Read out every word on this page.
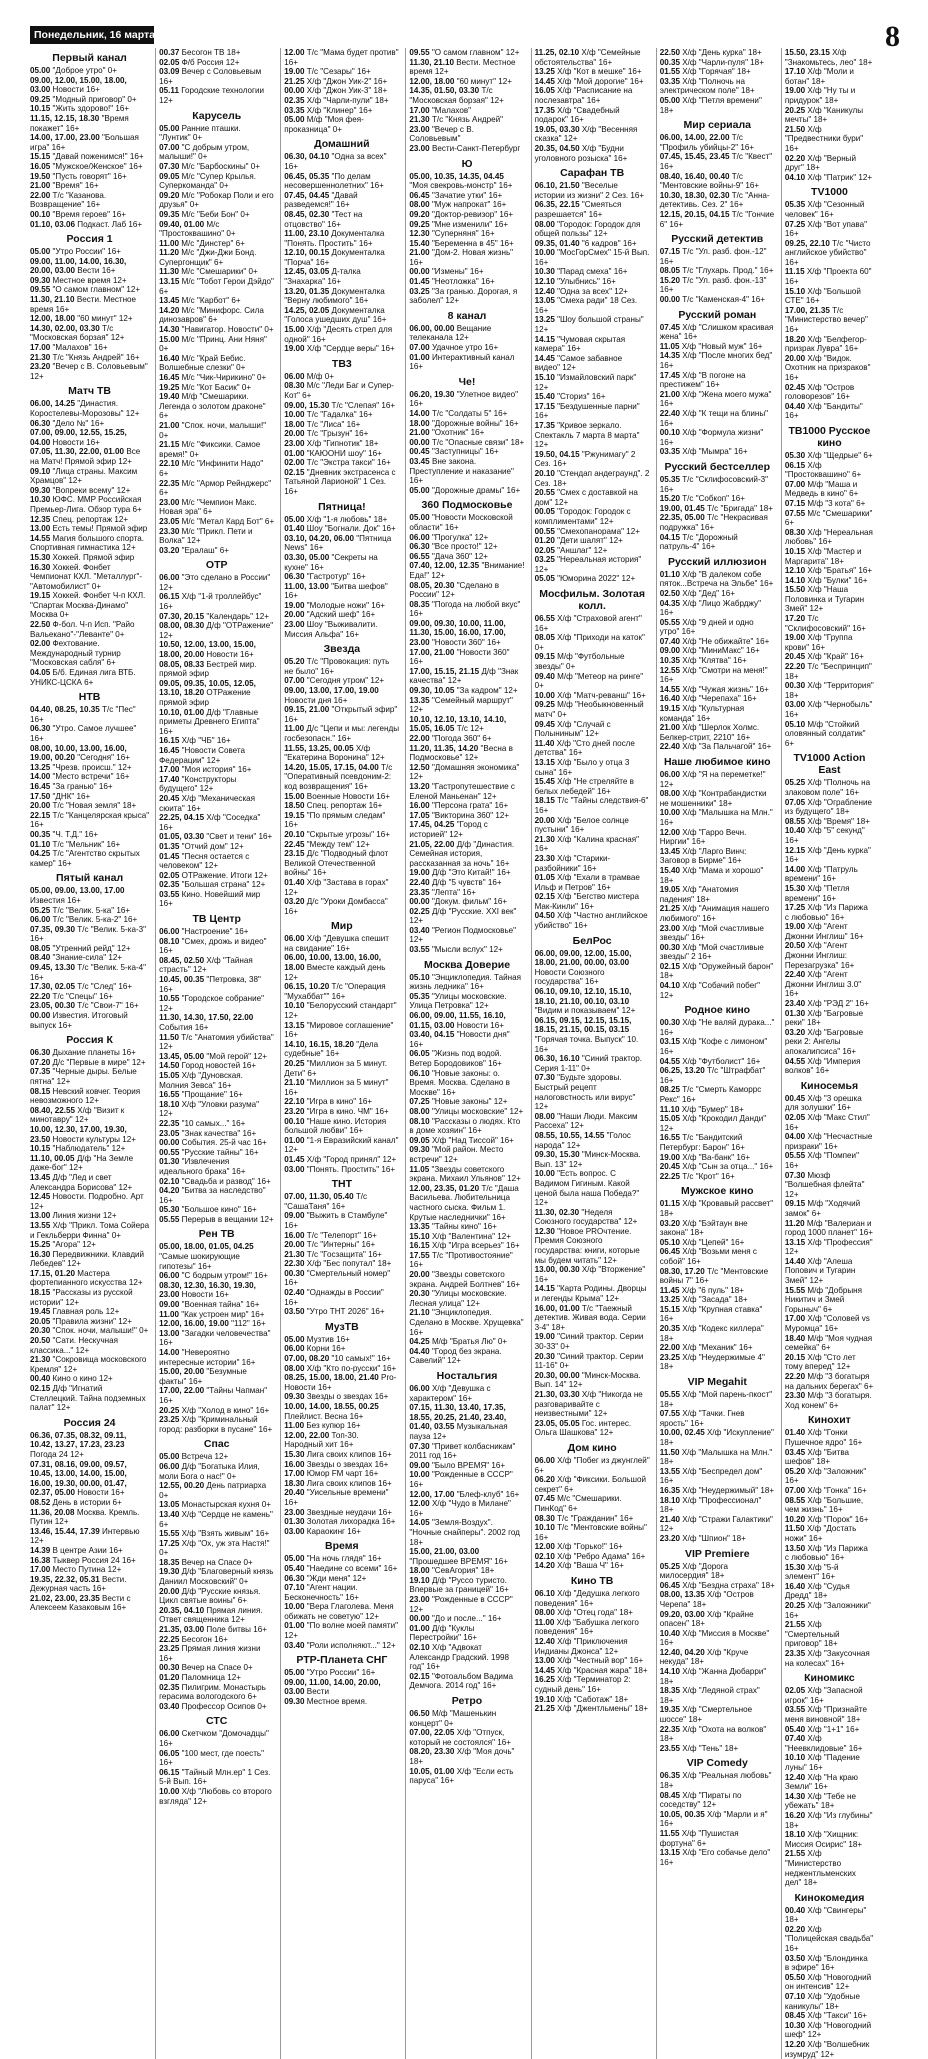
Понедельник, 16 марта	8
Первый канал
05.00 "Доброе утро" 0+
09.00, 12.00, 15.00, 18.00, 03.00 Новости 16+
09.25 "Модный приговор" 0+
10.15 "Жить здорово!" 16+
11.15, 12.15, 18.30 "Время покажет" 16+
14.00, 17.00, 23.00 "Большая игра" 16+
15.15 "Давай поженимся!" 16+
16.05 "Мужское/Женское" 16+
19.50 "Пусть говорят" 16+
21.00 "Время" 16+
22.00 Т/с "Казанова. Возвращение" 16+
00.10 "Время героев" 16+
01.10, 03.06 Подкаст. Лаб 16+
Россия 1
05.00 "Утро России" 16+
09.00, 11.00, 14.00, 16.30, 20.00, 03.00 Вести 16+
09.30 Местное время 12+
09.55 "О самом главном" 12+
11.30, 21.10 Вести. Местное время 16+
12.00, 18.00 "60 минут" 12+
14.30, 02.00, 03.30 Т/с "Московская борзая" 12+
17.00 "Малахов" 16+
21.30 Т/с "Князь Андрей" 16+
23.20 "Вечер с В. Соловьевым" 12+
Матч ТВ
06.00, 14.25 "Династия. Коростелевы-Морозовы" 12+
06.30 "Дело №" 16+
07.00, 09.00, 12.55, 15.25, 04.00 Новости 16+
07.05, 11.30, 22.00, 01.00 Все на Матч! Прямой эфир 12+
09.10 "Лица страны. Максим Храмцов" 12+
09.30 "Вопреки всему" 12+
10.30 ЮФС. MMP Российская Премьер-Лига. Обзор тура 6+
12.35 Спец. репортаж 12+
13.00 Есть темы! Прямой эфир
14.55 Магия большого спорта. Спортивная гимнастика 12+
15.30 Хоккей. Прямой эфир
16.30 Хоккей. Фонбет Чемпионат КХЛ. "Металлург"-"Автомобилист" 0+
19.15 Хоккей. Фонбет Ч-п КХЛ. "Спартак Москва-Динамо" Москва 0+
22.50 Ф-бол. Ч-п Исп. "Райо Вальекано"-"Леванте" 0+
02.00 Фехтование. Международный турнир "Московская сабля" 6+
04.05 Б/б. Единая лига ВТБ. УНИКС-ЦСКА 6+
НТВ
04.40, 08.25, 10.35 Т/с "Пес" 16+
06.30 "Утро. Самое лучшее" 16+
08.00, 10.00, 13.00, 16.00, 19.00, 00.20 "Сегодня" 16+
13.25 "Чрезв. происш." 12+
14.00 "Место встречи" 16+
16.45 "За гранью" 16+
17.50 "ДНК" 16+
20.00 Т/с "Новая земля" 18+
22.15 Т/с "Канцелярская крыса" 16+
00.35 "Ч. Т.Д." 16+
01.10 Т/с "Мельник" 16+
04.25 Т/с "Агентство скрытых камер" 16+
Пятый канал
05.00, 09.00, 13.00, 17.00 Известия 16+
05.25 Т/с "Велик. 5-ка" 16+
06.00 Т/с "Велик. 5-ка-2" 16+
07.35, 09.30 Т/с "Велик. 5-ка-3" 16+
08.05 "Утренний рейд" 12+
08.40 "Знание-сила" 12+
09.45, 13.30 Т/с "Велик. 5-ка-4" 16+
17.30, 02.05 Т/с "След" 16+
22.20 Т/с "Спецы" 16+
23.05, 00.30 Т/с "Свои-7" 16+
00.00 Известия. Итоговый выпуск 16+
Россия К
06.30 Дыхание планеты 16+
07.20 Д/с "Первые в мире" 12+
07.35 "Черные дыры. Белые пятна" 12+
08.15 Невский ковчег. Теория невозможного 12+
08.40, 22.55 Х/ф "Визит к минотавру" 12+
10.00, 12.30, 17.00, 19.30, 23.50 Новости культуры 12+
10.15 "Наблюдатель" 12+
11.10, 00.05 Д/ф "На Земле даже-бог" 12+
13.45 Д/ф "Лед и свет Александра Борисова" 12+
12.45 Новости. Подробно. Арт 12+
13.00 Линия жизни 12+
13.55 Х/ф "Прикл. Тома Сойера и Гекльберри Финна" 0+
15.25 "Агора" 12+
16.30 Передвижники. Клавдий Лебедев" 12+
17.15, 01.20 Мастера фортепианного искусства 12+
18.15 "Рассказы из русской истории" 12+
19.45 Главная роль 12+
20.05 "Правила жизни" 12+
20.30 "Спок. ночи, малыши!" 0+
20.50 "Сати. Нескучная классика..." 12+
21.30 "Сокровища московского Кремля" 12+
00.40 Кино о кино 12+
02.15 Д/ф "Игнатий Стеллецкий. Тайна подземных палат" 12+
Россия 24
06.36, 07.35, 08.32, 09.11, 10.42, 13.27, 17.23, 23.23 Погода 24 12+
07.31, 08.16, 09.00, 09.57, 10.45, 13.00, 14.00, 15.00, 16.00, 19.30, 00.00, 01.47, 02.37, 05.00 Новости 16+
08.52 День в истории 6+
11.36, 20.08 Москва. Кремль. Путин 12+
13.46, 15.44, 17.39 Интервью 12+
14.39 В центре Азии 16+
16.38 Тыквер Россия 24 16+
17.00 Место Путина 12+
19.35, 22.32, 05.31 Вести. Дежурная часть 16+
21.02, 23.00, 23.35 Вести с Алексеем Казаковым 16+
00.37 Бесогон ТВ 18+
02.05 Ф/б Россия 12+
03.09 Вечер с Соловьевым 16+
05.11 Городские технологии 12+
Карусель
05.00 Ранние пташки. "Лунтик" 0+
07.00 "С добрым утром, малыши!" 0+
07.30 М/с "Барбоскины" 0+
09.05 М/с "Супер Крылья. Суперкоманда" 0+
09.20 М/с "Робокар Поли и его друзья" 0+
09.35 М/с "Беби Бон" 0+
09.40, 01.00 М/с "Простоквашино" 0+
11.00 М/с "Динстер" 6+
11.20 М/с "Джи-Джи Бонд. Супергонщик" 6+
11.30 М/с "Смешарики" 0+
13.15 М/с "Тобот Герои Дэйдо" 6+
13.45 М/с "Карбот" 6+
14.20 М/с "Минифорс. Сила динозавров" 6+
14.30 "Навигатор. Новости" 0+
15.00 М/с "Принц. Ани Няня" 0+
16.40 М/с "Край Бебис. Волшебные слезки" 0+
16.45 М/с "Чик-Чирикино" 0+
19.25 М/с "Кот Басик" 0+
19.40 М/ф "Смешарики. Легенда о золотом драконе" 6+
21.00 "Спок. ночи, малыши!" 0+
21.15 М/с "Фиксики. Самое время!" 0+
22.10 М/с "Инфинити Надо" 6+
22.35 М/с "Армор Рейнджерс" 6+
23.00 М/с "Чемпион Макс. Новая эра" 6+
23.05 М/с "Метал Кард Бот" 6+
23.30 М/с "Прикл. Пети и Волка" 12+
03.20 "Ералаш" 6+
ОТР
06.00 "Это сделано в России" 12+
06.15 Х/ф "1-й троллейбус" 16+
07.30, 20.15 "Календарь" 12+
08.00, 08.30 Д/ф "ОТРажение" 12+
10.50, 12.00, 13.00, 15.00, 18.00, 20.00 Новости 16+
08.05, 08.33 Бестрей мир. прямой эфир
09.05, 09.35, 10.05, 12.05, 13.10, 18.20 ОТРажение прямой эфир
10.10, 01.00 Д/ф "Главные приметы Древнего Египта" 16+
16.15 Х/ф "ЧБ" 16+
16.45 "Новости Совета Федерации" 12+
17.00 "Моя история" 16+
17.40 "Конструкторы будущего" 12+
20.45 Х/ф "Механическая сюита" 16+
22.25, 04.15 Х/ф "Соседка" 16+
01.05, 03.30 "Свет и тени" 16+
01.35 "Отчий дом" 12+
01.45 "Песня остается с человеком" 12+
02.05 ОТРажение. Итоги 12+
02.35 "Большая страна" 12+
03.55 Кино. Новейший мир 16+
ТВ Центр
06.00 "Настроение" 16+
08.10 "Смех, дрожь и видео" 16+
08.45, 02.50 Х/ф "Тайная страсть" 12+
10.45, 00.35 "Петровка, 38" 16+
10.55 "Городское собрание" 12+
11.30, 14.30, 17.50, 22.00 События 16+
11.50 Т/с "Анатомия убийства" 12+
13.45, 05.00 "Мой герой" 12+
14.50 Город новостей 16+
15.05 Х/ф "Дуновская. Молния Зевса" 16+
16.55 "Прощание" 16+
18.10 Х/ф "Уловки разума" 12+
22.35 "10 самых..." 16+
23.05 "Знак качества" 16+
00.00 События. 25-й час 16+
00.55 "Русские тайны" 16+
01.30 "Извлечения идеального брака" 16+
02.10 "Свадьба и развод" 16+
04.20 "Битва за наследство" 16+
05.30 "Большое кино" 16+
05.55 Перерыв в вещании 12+
Рен ТВ
05.00, 18.00, 01.05, 04.25 "Самые шокирующие гипотезы" 16+
06.00 "С бодрым утром!" 16+
08.30, 12.30, 16.30, 19.30, 23.00 Новости 16+
09.00 "Военная тайна" 16+
11.00 "Как устроен мир" 16+
12.00, 16.00, 19.00 "112" 16+
13.00 "Загадки человечества" 16+
14.00 "Невероятно интересные истории" 16+
15.00, 20.00 "Безумные факты" 16+
17.00, 22.00 "Тайны Чапман" 16+
20.25 Х/ф "Холод в кино" 16+
23.25 Х/ф "Криминальный город: разборки в пусане" 16+
Спас
05.00 Встреча 12+
06.00 Д/ф "Богатыка Илия, моли Бога о нас!" 0+
12.55, 00.20 День патриарха 0+
13.05 Монастырская кухня 0+
13.40 Х/ф "Сердце не камень" 6+
15.55 Х/ф "Взять живым" 16+
17.25 Х/ф "Ох, уж эта Настя!" 0+
18.35 Вечер на Спасе 0+
19.30 Д/ф "Благоверный князь Даниил Московский" 0+
20.00 Д/ф "Русские князья. Цикл святые воины" 6+
20.35, 04.10 Прямая линия. Ответ священника 12+
21.35, 03.00 Поле битвы 16+
22.25 Бесогон 16+
23.25 Прямая линия жизни 16+
00.30 Вечер на Спасе 0+
01.20 Паломница 12+
02.35 Пилигрим. Монастырь герасима вологодского 6+
03.40 Профессор Осипов 0+
СТС
06.00 Скетчком "Домочадцы" 16+
06.05 "100 мест, где поесть" 16+
06.15 "Тайный Млн.ер" 1 Сез. 5-й Вып. 16+
10.00 Х/ф "Любовь со второго взгляда" 12+
12.00 Т/с "Мама будет против" 16+
19.00 Т/с "Сезары" 16+
21.25 Х/ф "Джон Уик-2" 16+
00.00 Х/ф "Джон Уик-3" 18+
02.35 Х/ф "Чарли-пули" 18+
03.35 Х/ф "Клинер" 16+
05.00 М/ф "Моя фея-проказница" 0+
Домашний
06.30, 04.10 "Одна за всех" 16+
06.45, 05.35 "По делам несовершеннолетних" 16+
07.45, 04.45 "Давай разведемся!" 16+
08.45, 02.30 "Тест на отцовство" 16+
11.00, 23.10 Документалка "Понять. Простить" 16+
12.10, 00.15 Документалка "Порча" 16+
12.45, 03.05 Д-талка "Знахарка" 16+
13.20, 01.35 Документалка "Верну любимого" 16+
14.25, 02.05 Документалка "Голоса ушедших душ" 16+
15.00 Х/ф "Десять стрел для одной" 16+
19.00 Х/ф "Сердце веры" 16+
ТВ3
06.00 М/ф 0+
08.30 М/с "Леди Баг и Супер-Кот" 6+
09.00, 15.30 Т/с "Слепая" 16+
10.00 Т/с "Гадалка" 16+
18.00 Т/с "Лиса" 16+
20.00 Т/с "Грызун" 16+
23.00 Х/ф "Гипнотик" 18+
01.00 "КАЮОНИ шоу" 16+
02.00 Т/с "Экстра такси" 16+
02.15 "Дневник экстрасенса с Татьяной Ларионой" 1 Сез. 16+
Пятница!
05.00 Х/ф "1-я любовь" 18+
01.40 Шоу "Богнали. Док" 16+
03.10, 04.20, 06.00 "Пятница News" 16+
03.30, 05.00 "Секреты на кухне" 16+
06.30 "Гастротур" 16+
11.00, 13.00 "Битва шефов" 16+
19.00 "Молодые ножи" 16+
20.00 "Адский шеф" 16+
23.00 Шоу "Выживалити. Миссия Альфа" 16+
Звезда
05.20 Т/с "Провокация: путь не было" 16+
07.00 "Сегодня утром" 12+
09.00, 13.00, 17.00, 19.00 Новости дня 16+
09.15, 21.00 "Открытый эфир" 16+
11.00 Д/с "Цепи и мы: легенды госбезопасн." 16+
11.55, 13.25, 00.05 Х/ф "Екатерина Воронина" 12+
14.20, 15.05, 17.15, 04.00 Т/с "Оперативный псевдоним-2: код возвращения" 16+
15.00 Военные Новости 16+
18.50 Спец. репортаж 16+
19.15 "По прямым следам" 16+
20.10 "Скрытые угрозы" 16+
22.45 "Между тем" 12+
23.15 Д/с "Подводный флот Великой Отечественной войны" 16+
01.40 Х/ф "Застава в горах" 12+
03.20 Д/с "Уроки Домбасса" 16+
Мир
06.00 Х/ф "Девушка спешит на свидание" 16+
06.00, 10.00, 13.00, 16.00, 18.00 Вместе каждый день 12+
06.15, 10.20 Т/с "Операция "Мухаббат"" 16+
10.10 "Белорусский стандарт" 12+
13.15 "Мировое соглашение" 16+
14.10, 16.15, 18.20 "Дела судебные" 16+
20.25 "Миллион за 5 минут. Дети" 6+
21.10 "Миллион за 5 минут" 16+
22.10 "Игра в кино" 16+
23.20 "Игра в кино. ЧМ" 16+
00.10 "Наше кино. История большой любви" 16+
01.00 "1-я Евразийский канал" 12+
01.45 Х/ф "Город принял" 12+
03.00 "Понять. Простить" 16+
ТНТ
07.00, 11.30, 05.40 Т/с "СашаТаня" 16+
09.00 "Выжить в Стамбуле" 16+
16.00 Т/с "Телепорт" 16+
20.00 Т/с "Интерны" 16+
21.30 Т/с "Госзащита" 16+
22.30 Х/ф "Бес попутал" 18+
00.30 "Смертельный номер" 16+
02.40 "Однажды в России" 16+
03.50 "Утро ТНТ 2026" 16+
МузТВ
05.00 Музтив 16+
06.00 Корни 16+
07.00, 08.20 "10 самых!" 16+
08.00 Х/ф "Кто по-русски" 16+
08.25, 15.00, 18.00, 21.40 Pro-Новости 16+
09.30 Звезды о звездах 16+
10.00, 14.00, 18.55, 00.25 Плейлист. Весна 16+
11.00 Без купюр 16+
12.00, 22.00 Топ-30. Народный хит 16+
15.30 Лига своих клипов 16+
16.00 Звезды о звездах 16+
17.00 Юмор FM чарт 16+
18.30 Лига своих клипов 16+
20.40 "Уисельные времени" 16+
23.00 Звездные неудачи 16+
01.30 Золотая лихорадка 16+
03.00 Караокинг 16+
Время
05.00 "На ночь глядя" 16+
05.40 "Наедине со всеми" 16+
06.30 "Жди меня" 12+
07.10 "Агент нации. Бесконечность" 16+
10.00 "Вера Глаголева. Меня обижать не советую" 12+
01.00 "По волне моей памяти" 12+
03.40 "Роли исполняют..." 12+
РТР-Планета СНГ
05.00 "Утро России" 16+
09.00, 11.00, 14.00, 20.00, 03.00 Вести
09.30 Местное время.
09.55 "О самом главном" 12+
11.30, 21.10 Вести. Местное время 12+
12.00, 18.00 "60 минут" 12+
14.35, 01.50, 03.30 Т/с "Московская борзая" 12+
17.00 "Малахов"
21.30 Т/с "Князь Андрей"
23.00 "Вечер с В. Соловьевым"
23.00 Вести-Санкт-Петербург
Ю
05.00, 10.35, 14.35, 04.45 "Моя свекровь-монстр" 16+
06.45 "Зачатие утки" 16+
08.00 "Муж напрокат" 16+
09.20 "Доктор-ревизор" 16+
09.25 "Мне изменили" 16+
12.30 "Суперняня" 16+
15.40 "Беременна в 45" 16+
21.00 "Дом-2. Новая жизнь" 16+
00.00 "Измены" 16+
01.45 "Неотложка" 16+
03.25 "За гранью. Дорогая, я заболел" 12+
8 канал
06.00, 00.00 Вещание телеканала 12+
07.00 Удачное утро 16+
01.00 Интерактивный канал 16+
Че!
06.20, 19.30 "Улетное видео" 16+
14.00 Т/с "Солдаты 5" 16+
18.00 "Дорожные войны" 16+
21.00 "Охотник" 16+
00.00 Т/с "Опасные связи" 18+
00.45 "Заступницы" 16+
03.45 Вне закона. Преступление и наказание" 16+
05.00 "Дорожные драмы" 16+
360 Подмосковье
05.00 "Новости Московской области" 16+
06.00 "Прогулка" 12+
06.30 "Все просто!" 12+
06.55 "Дача 360" 12+
07.40, 12.00, 12.35 "Внимание! Еда!" 12+
08.05, 20.30 "Сделано в России" 12+
08.35 "Погода на любой вкус" 16+
09.00, 09.30, 10.00, 11.00, 11.30, 15.00, 16.00, 17.00, 23.00 "Новости 360" 16+
17.00, 21.00 "Новости 360" 16+
17.00, 15.15, 21.15 Д/ф "Знак качества" 12+
09.30, 10.05 "За кадром" 12+
13.35 "Семейный маршрут" 12+
10.10, 12.10, 13.10, 14.10, 15.05, 16.05 Т/с 12+
22.00 "Погода 360" 6+
11.20, 11.35, 14.20 "Весна в Подмосковье" 12+
12.50 "Домашняя экономика" 12+
13.20 "Гастропутешествие с Еленой Маньенан" 12+
16.00 "Персона грата" 16+
17.05 "Викторина 360" 12+
17.45, 04.25 "Город с историей" 12+
21.05, 22.00 Д/ф "Династия. Семейная история, рассказанная за ночь" 16+
19.00 Д/ф "Это Китай!" 16+
22.40 Д/ф "5 чувств" 16+
23.35 "Лепта" 16+
00.00 "Докум. фильм" 16+
02.25 Д/ф "Русские. XXI век" 12+
03.40 "Регион Подмосковье" 12+
03.55 "Мысли вслух" 12+
Москва Доверие
05.10 "Энциклопедия. Тайная жизнь ледника" 16+
05.35 "Улицы московские. Улица Петровка" 12+
06.00, 09.00, 11.55, 16.10, 01.15, 03.00 Новости 16+
03.40, 04.15 "Новости дня" 16+
06.05 "Жизнь под водой. Ветер Бородовиков" 16+
06.10 "Новые законы: о. Время. Москва. Сделано в Москве" 16+
07.25 "Новые законы" 12+
08.00 "Улицы московские" 12+
08.10 "Рассказы о людях. Кто в доме хозяин" 16+
09.05 Х/ф "Над Тиссой" 16+
09.30 "Мой район. Место встречи" 12+
11.05 "Звезды советского экрана. Михаил Ульянов" 12+
12.00, 23.35, 01.20 Т/с "Дашa Васильева. Любительница частного сыска. Фильм 1. Крутые наследнички" 16+
13.35 "Тайны кино" 16+
15.10 Х/ф "Валентина" 12+
16.15 Х/ф "Игра всерьез" 16+
17.55 Т/с "Противостояние" 16+
20.00 "Звезды советского экрана. Андрей Болтнев" 16+
20.30 "Улицы московские. Лесная улица" 12+
21.10 "Энциклопедия. Сделано в Москве. Хрущевка" 16+
04.25 М/ф "Братья Лю" 0+
04.40 "Город без экрана. Савелий" 12+
Ностальгия
06.00 Х/ф "Девушка с характером" 16+
07.15, 11.30, 13.40, 17.35, 18.55, 20.25, 21.40, 23.40, 01.40, 03.55 Музыкальная пауза 12+
07.30 "Привет колбасникам" 2011 год 16+
09.00 "Было ВРЕМЯ" 16+
10.00 "Рожденные в СССР" 16+
12.00, 17.00 "Блеф-клуб" 16+
12.00 Х/ф "Чудо в Милане" 16+
14.05 "Земля-Воздух". "Ночные снайперы". 2002 год 18+
15.00, 21.00, 03.00 "Прошедшее ВРЕМЯ" 16+
18.00 "СевАгория" 18+
19.10 Д/ф "Руссо туристо. Впервые за границей" 16+
23.00 "Рожденные в СССР" 12+
00.00 "До и после..." 16+
01.00 Д/ф "Куклы Перестройки" 16+
02.10 Х/ф "Адвокат Александр Градский. 1998 год" 16+
02.15 "Фотоальбом Вадима Демчога. 2014 год" 16+
Ретро
06.50 М/ф "Машенькин концерт" 0+
07.00, 22.05 Х/ф "Отпуск, который не состоялся" 16+
08.20, 23.30 Х/ф "Моя дочь" 18+
10.05, 01.00 Х/ф "Если есть паруса" 16+
11.25, 02.10 Х/ф "Семейные обстоятельства" 16+
13.25 Х/ф "Кот в мешке" 16+
14.45 Х/ф "Мой дорогие" 16+
16.05 Х/ф "Расписание на послезавтра" 16+
17.35 Х/ф "Свадебный подарок" 16+
19.05, 03.30 Х/ф "Весенняя сказка" 12+
20.35, 04.50 Х/ф "Будни уголовного розыска" 16+
Сарафан ТВ
06.10, 21.50 "Веселые истории из жизни" 2 Сез. 16+
06.35, 22.15 "Смеяться разрешается" 16+
08.00 "Городок: Городок для общей пользы" 12+
09.35, 01.40 "6 кадров" 16+
10.00 "МосГорСмех" 15-й Вып. 16+
10.30 "Парад смеха" 16+
12.10 "Улыбнись" 16+
12.40 "Одна за всех" 12+
13.05 "Смеха ради" 18 Сез. 16+
13.25 "Шоу большой страны" 12+
14.15 "Чумовая скрытая камера" 16+
14.45 "Самое забавное видео" 12+
15.10 "Измайловский парк" 12+
15.40 "Сториз" 16+
17.15 "Бездушенные парни" 16+
17.35 "Кривое зеркало. Спектакль 7 марта 8 марта" 12+
19.50, 04.15 "Ржунимагу" 2 Сез. 16+
20.10 "Стендап андеграунд". 2 Сез. 18+
20.55 "Смех с доставкой на дом" 12+
00.05 "Городок: Городок с комплиментами" 12+
00.55 "Смехопанорама" 12+
01.20 "Дети шалят" 12+
02.05 "Аншлаг" 12+
03.25 "Нереальная история" 12+
05.05 "Юморина 2022" 12+
Мосфильм. Золотая колл.
06.55 Х/ф "Страховой агент" 16+
08.05 Х/ф "Приходи на каток" 0+
09.15 М/ф "Футбольные звезды" 0+
09.40 М/ф "Метеор на ринге" 0+
10.00 Х/ф "Матч-реванш" 16+
09.25 М/ф "Необыкновенный матч" 0+
09.45 Х/ф "Случай с Полыниным" 12+
11.40 Х/ф "Сто дней после детства" 16+
13.15 Х/ф "Было у отца 3 сына" 16+
15.45 Х/ф "Не стреляйте в белых лебедей" 16+
18.15 Т/с "Тайны следствия-6" 16+
20.00 Х/ф "Белое солнце пустыни" 16+
21.30 Х/ф "Калина красная" 16+
23.30 Х/ф "Старики-разбойники" 16+
01.05 Х/ф "Ехали в трамвае Ильф и Петров" 16+
02.15 Х/ф "Бегство мистера Мак-Кинли" 16+
04.50 Х/ф "Частно английское убийство" 16+
БелРос
06.00, 09.00, 12.00, 15.00, 18.00, 21.00, 00.00, 03.00 Новости Союзного государства" 16+
06.10, 09.10, 12.10, 15.10, 18.10, 21.10, 00.10, 03.10 "Видим и показываем" 12+
06.15, 09.15, 12.15, 15.15, 18.15, 21.15, 00.15, 03.15 "Горячая точка. Выпуск" 10. 16+
06.30, 16.10 "Синий трактор. Серия 1-11" 0+
07.30 "Будьте здоровы. Быстрый рецепт налоговстность или вирус" 12+
08.00 "Наши Люди. Максим Рассеха" 12+
08.55, 10.55, 14.55 "Голос народа" 12+
09.30, 15.30 "Минск-Москва. Вып. 13" 12+
10.00 "Есть вопрос. С Вадимом Гигиным. Какой ценой была наша Победа?" 12+
11.30, 02.30 "Неделя Союзного государства" 12+
12.30 "Новое PROчтение. Премия Союзного государства: книги, которые мы будем читать" 12+
13.00, 00.30 Х/ф "Вторжение" 16+
14.15 "Карта Родины. Дворцы и легенды Крыма" 12+
16.00, 01.00 Т/с "Таежный детектив. Живая вода. Серии 3-4" 18+
19.00 "Синий трактор. Серии 30-33" 0+
20.30 "Синий трактор. Серии 11-16" 0+
20.30, 00.00 "Минск-Москва. Вып. 14" 12+
21.30, 03.30 Х/ф "Никогда не разговаривайте с неизвестными" 12+
23.05, 05.05 Гос. интерес. Ольга Шашкова" 12+
Дом кино
06.00 Х/ф "Побег из джунглей" 6+
06.20 Х/ф "Фиксики. Большой секрет" 6+
07.45 М/с "Смешарики. ПинКод" 6+
08.30 Т/с "Гражданин" 16+
10.10 Т/с "Ментовские войны" 16+
12.00 Х/ф "Горько!" 16+
02.10 Х/ф "Ребро Адама" 16+
14.20 Х/ф "Ваша Ч" 16+
Кино ТВ
06.10 Х/ф "Дедушка легкого поведения" 16+
08.00 Х/ф "Отец года" 18+
11.00 Х/ф "Бабушка легкого поведения" 16+
12.40 Х/ф "Приключения Индианы Джонса" 12+
13.00 Х/ф "Честный вор" 16+
14.45 Х/ф "Красная жара" 18+
16.25 Х/ф "Терминатор 2: судный день" 16+
19.10 Х/ф "Саботаж" 18+
21.25 Х/ф "Джентльмены" 18+
22.50 Х/ф "День курка" 18+
00.35 Х/ф "Чарли-пуля" 18+
01.55 Х/ф "Горячая" 18+
03.35 Х/ф "Полночь на электрическом поле" 18+
05.00 Х/ф "Петля времени" 18+
Мир сериала
06.00, 14.00, 22.00 Т/с "Профиль убийцы-2" 16+
07.45, 15.45, 23.45 Т/с "Квест" 16+
08.40, 16.40, 00.40 Т/с "Ментовские войны-9" 16+
10.30, 18.30, 02.30 Т/с "Анна-детективь. Сез. 2" 16+
12.15, 20.15, 04.15 Т/с "Гончие 6" 16+
Русский детектив
07.15 Т/с "Ул. разб. фон.-12" 16+
08.05 Т/с "Глухарь. Прод." 16+
15.20 Т/с "Ул. разб. фон.-13" 16+
00.00 Т/с "Каменская-4" 16+
Русский роман
07.45 Х/ф "Слишком красивая жена" 16+
11.05 Х/ф "Новый муж" 16+
14.35 Х/ф "После многих бед" 16+
17.45 Х/ф "В погоне на престижем" 16+
21.00 Х/ф "Жена моего мужа" 16+
22.40 Х/ф "К тещи на блины" 16+
00.10 Х/ф "Формула жизни" 16+
03.35 Х/ф "Мымра" 16+
Русский бестселлер
05.35 Т/с "Склифосовский-3" 16+
15.20 Т/с "Собкоп" 16+
19.00, 01.45 Т/с "Бригада" 18+
22.35, 05.00 Т/с "Некрасивая подружка" 16+
04.15 Т/с "Дорожный патруль-4" 16+
Русский иллюзион
01.10 Х/ф "В далеком собе пяток...Встреча на Эльбе" 16+
02.50 Х/ф "Дед" 16+
04.35 Х/ф "Лицо Жабрджу" 16+
05.55 Х/ф "9 дней и одно утро" 16+
07.40 Х/ф "Не обижайте" 16+
09.00 Х/ф "МиниМакс" 16+
10.35 Х/ф "Клятва" 16+
12.55 Х/ф "Смотри на меня!" 16+
14.55 Х/ф "Чужая жизнь" 16+
16.40 Х/ф "Черепаха" 16+
19.15 Х/ф "Культурная команда" 16+
21.00 Х/ф "Шерлок Холмс. Белкер-стрит, 2210" 16+
22.40 Х/ф "За Пальчагой" 16+
Наше любимое кино
06.00 Х/ф "Я на переметке!" 12+
08.00 Х/ф "Контрабандистки не мошенники" 18+
10.00 Х/ф "Малышка на Млн." 16+
12.00 Х/ф "Гарро Вечн. Ниргии" 16+
13.45 Х/ф "Ларго Винч: Заговор в Бирме" 16+
15.40 Х/ф "Мама и хорошо" 18+
19.05 Х/ф "Анатомия падения" 18+
21.25 Х/ф "Анимация нашего любимого" 16+
23.00 Х/ф "Мой счастливые звезды" 16+
00.30 Х/ф "Мой счастливые звезды" 2 16+
02.15 Х/ф "Оружейный барон" 18+
04.10 Х/ф "Собачий побег" 12+
Родное кино
00.30 Х/ф "Не валяй дурака..." 16+
03.15 Х/ф "Кофе с лимоном" 16+
04.55 Х/ф "Футболист" 16+
06.25, 13.20 Т/с "Штрафбат" 16+
08.25 Т/с "Смерть Каморрс Рекс" 16+
11.10 Х/ф "Бумер" 18+
15.05 Х/ф "Крокодил Данди" 12+
16.55 Т/с "Бандитский Петербург: Барон" 16+
19.00 Х/ф "Ва-банк" 16+
20.45 Х/ф "Сын за отца..." 16+
22.25 Т/с "Крот" 16+
Мужское кино
01.15 Х/ф "Кровавый рассвет" 18+
03.20 Х/ф "Бэйтаун вне закона" 18+
05.10 Х/ф "Цепей" 16+
06.45 Х/ф "Возьми меня с собой" 16+
08.30, 17.20 Т/с "Ментовские войны 7" 16+
11.45 Х/ф "6 пуль" 18+
13.25 Х/ф "Засада" 18+
15.15 Х/ф "Крупная ставка" 16+
20.35 Х/ф "Кодекс киллера" 18+
22.00 Х/ф "Механик" 16+
23.25 Х/ф "Неудержимые 4" 18+
VIP Megahit
05.55 Х/ф "Мой парень-пкост" 18+
07.55 Х/ф "Тачки. Гнев ярость" 16+
10.00, 02.45 Х/ф "Искупление" 18+
11.50 Х/ф "Малышка на Млн." 18+
13.55 Х/ф "Беспредел дом" 16+
16.35 Х/ф "Неудержимый" 18+
18.10 Х/ф "Профессионал" 18+
21.40 Х/ф "Стражи Галактики" 12+
23.20 Х/ф "Шпион" 18+
VIP Premiere
05.25 Х/ф "Дорога милосердия" 18+
06.45 Х/ф "Бездна страха" 18+
08.00, 13.35 Х/ф "Остров Черепа" 18+
09.20, 03.00 Х/ф "Крайне опасен" 18+
10.40 Х/ф "Миссия в Москве" 16+
12.40, 04.20 Х/ф "Круче некуда" 18+
14.10 Х/ф "Жанна Дюбарри" 18+
18.35 Х/ф "Ледяной страх" 18+
19.35 Х/ф "Смертельное шоссе" 18+
22.35 Х/ф "Охота на волков" 18+
23.55 Х/ф "Тень" 18+
VIP Comedy
06.35 Х/ф "Реальная любовь" 18+
08.45 Х/ф "Пираты по соседству" 12+
10.05, 00.35 Х/ф "Марли и я" 16+
11.55 Х/ф "Пушистая фортуна" 6+
13.15 Х/ф "Его собачье дело" 16+
15.50, 23.15 Х/ф "Знакомьтесь, лео" 18+
17.10 Х/ф "Моли и ботан" 18+
19.00 Х/ф "Ну ты и придурок" 18+
20.25 Х/ф "Каникулы мечты" 18+
21.50 Х/ф "Предвестники бури" 16+
02.20 Х/ф "Верный друг" 18+
04.10 Х/ф "Патрик" 12+
TV1000
05.35 Х/ф "Сезонный человек" 16+
07.25 Х/ф "Вот упава" 16+
09.25, 22.10 Т/с "Чисто английское убийство" 16+
11.15 Х/ф "Проекта 60" 16+
15.10 Х/ф "Большой СТЕ" 16+
17.00, 21.35 Т/с "Министерство вечер" 16+
18.20 Х/ф "Белфегор-призрак Лувра" 16+
20.00 Х/ф "Видок. Охотник на призраков" 16+
02.45 Х/ф "Остров головорезов" 16+
04.40 Х/ф "Бандиты" 16+
ТВ1000 Русское кино
05.30 Х/ф "Щедрые" 6+
06.15 Х/ф "Простоквашино" 6+
07.00 М/ф "Маша и Медведь в кино" 6+
07.15 М/ф "3 кота" 6+
07.55 М/с "Смешарики" 6+
08.30 Х/ф "Нереальная любовь" 16+
10.15 Х/ф "Мастер и Маргарита" 18+
12.10 Х/ф "Братья" 16+
14.10 Х/ф "Булки" 16+
15.50 Х/ф "Наша Половинка и Тугарин Змей" 12+
17.20 Т/с "Склифосовский" 16+
19.00 Х/ф "Группа крови" 16+
20.45 Х/ф "Край" 16+
22.20 Т/с "Беспринцип" 18+
00.30 Х/ф "Территория" 18+
03.00 Х/ф "Чернобыль" 16+
05.10 М/ф "Стойкий оловянный солдатик" 6+
TV1000 Action East
05.25 Х/ф "Полночь на злаковом поле" 16+
07.05 Х/ф "Ограбление из будущего" 18+
08.55 Х/ф "Время" 18+
10.40 Х/ф "5" секунд" 16+
12.15 Х/ф "День курка" 16+
14.00 Х/ф "Патруль времени" 16+
15.30 Х/ф "Петля времени" 16+
17.25 Х/ф "Из Парижа с любовью" 16+
19.00 Х/ф "Агент Джонни Инглиш" 16+
20.50 Х/ф "Агент Джонни Инглиш: Перезагрузка" 16+
22.40 Х/ф "Агент Джонни Инглиш 3.0" 16+
23.40 Х/ф "РЭД 2" 16+
01.30 Х/ф "Багровые реки" 18+
03.20 Х/ф "Багровые реки 2: Ангелы апокалипсиса" 16+
04.55 Х/ф "Империя волков" 16+
Киносемья
00.45 Х/ф "3 орешка для золушки" 16+
02.05 Х/ф "Макс Стил" 16+
04.00 Х/ф "Несчастные призраки" 16+
05.55 Х/ф "Помпеи" 16+
07.30 Мюзф "Волшебная флейта" 12+
09.15 М/ф "Ходячий замок" 6+
11.20 М/ф "Валериан и город 1000 планет" 16+
13.15 Х/ф "Профессия" 12+
14.40 Х/ф "Алеша Попович и Тугарин Змей" 12+
15.55 М/ф "Добрыня Никитич и Змей Горыныч" 6+
17.00 Х/ф "Соловей vs Муромца" 16+
18.40 М/ф "Моя чудная семейка" 6+
20.15 Х/ф "Сто лет тому вперед" 12+
22.20 М/ф "3 богатыря на дальних берегах" 6+
23.30 М/ф "3 богатыря. Ход конем" 6+
Кинохит
01.40 Х/ф "Гонки Пушечное ядро" 16+
03.45 Х/ф "Битва шефов" 18+
05.20 Х/ф "Заложник" 16+
07.00 Х/ф "Гонка" 16+
08.55 Х/ф "Большие, чем жизнь" 16+
10.20 Х/ф "Порок" 16+
11.50 Х/ф "Достать ножи" 16+
13.50 Х/ф "Из Парижа с любовью" 16+
15.30 Х/ф "5-й элемент" 16+
16.40 Х/ф "Судья Дредд" 18+
20.25 Х/ф "Заложники" 16+
21.55 Х/ф "Смертельный приговор" 18+
23.35 Х/ф "Закусочная на колесах" 16+
Киномикс
02.05 Х/ф "Запасной игрок" 16+
03.55 Х/ф "Признайте меня виновной" 18+
05.40 Х/ф "1+1" 16+
07.40 Х/ф "Неевклидовые" 16+
10.10 Х/ф "Падение луны" 16+
12.40 Х/ф "На краю Земли" 16+
14.30 Х/ф "Тебе не убежать" 18+
16.20 Х/ф "Из глубины" 18+
18.10 Х/ф "Хищник: Миссия Осирис" 18+
21.55 Х/ф "Министерство неджентльменских дел" 18+
Кинокомедия
00.40 Х/ф "Свингеры" 18+
02.20 Х/ф "Полицейская свадьба" 16+
03.50 Х/ф "Блондинка в эфире" 16+
05.50 Х/ф "Новогодний он интенсив" 12+
07.10 Х/ф "Удобные каникулы" 18+
08.45 Х/ф "Такси" 16+
10.30 Х/ф "Новогодний шеф" 12+
12.20 Х/ф "Волшебник изумруд" 12+
